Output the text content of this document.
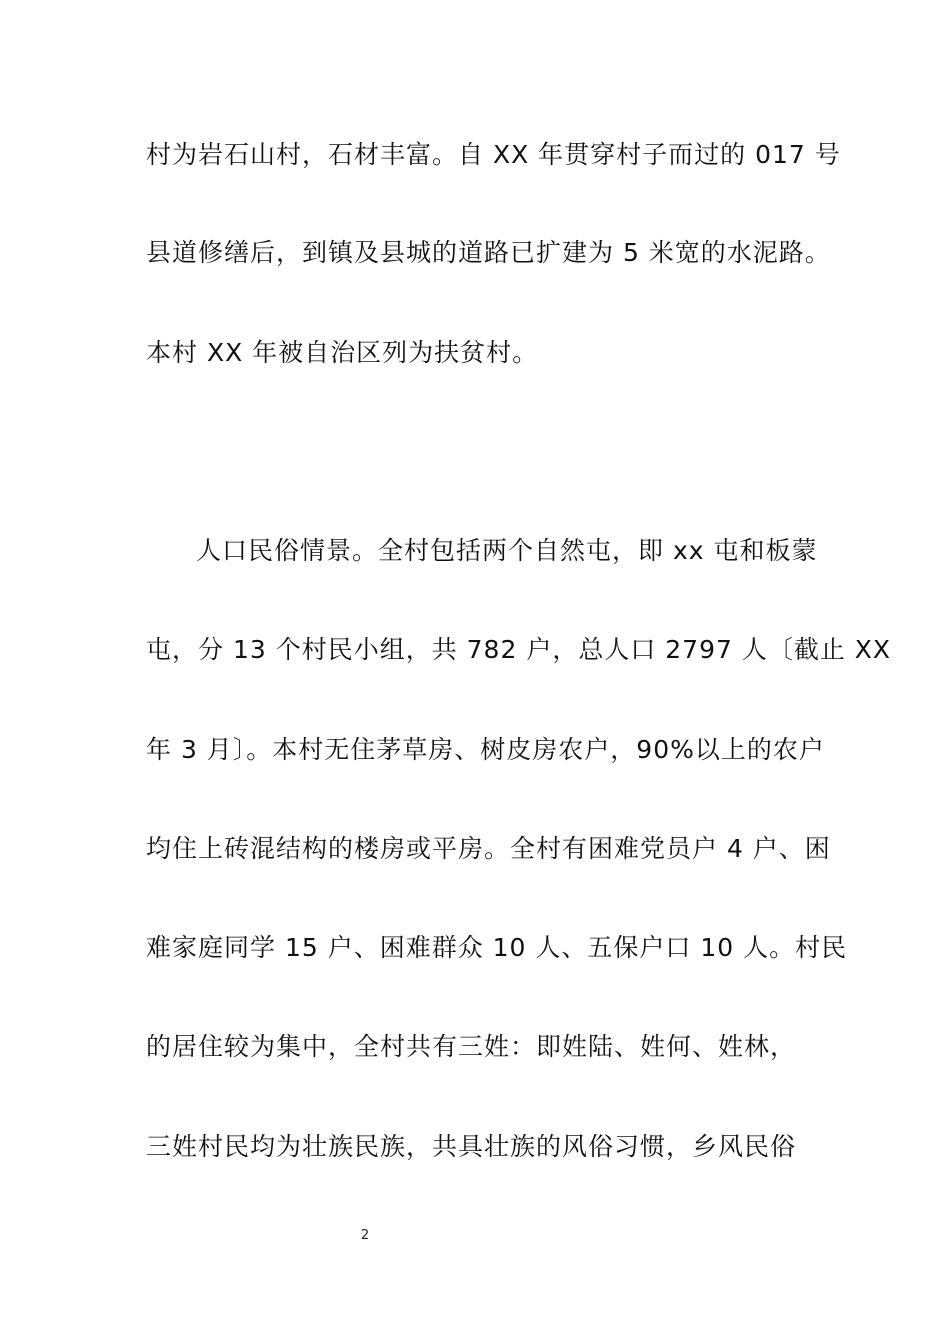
村为岩石山村，石材丰富。自 XX 年贯穿村子而过的 017 号
县道修缮后，到镇及县城的道路已扩建为 5 米宽的水泥路。
本村 XX 年被自治区列为扶贫村。
人口民俗情景。全村包括两个自然屯，即 xx 屯和板蒙
屯，分 13 个村民小组，共 782 户，总人口 2797 人〔截止 XX
年 3 月〕。本村无住茅草房、树皮房农户，90%以上的农户
均住上砖混结构的楼房或平房。全村有困难党员户 4 户、困
难家庭同学 15 户、困难群众 10 人、五保户口 10 人。村民
的居住较为集中，全村共有三姓：即姓陆、姓何、姓林，
三姓村民均为壮族民族，共具壮族的风俗习惯，乡风民俗
2
